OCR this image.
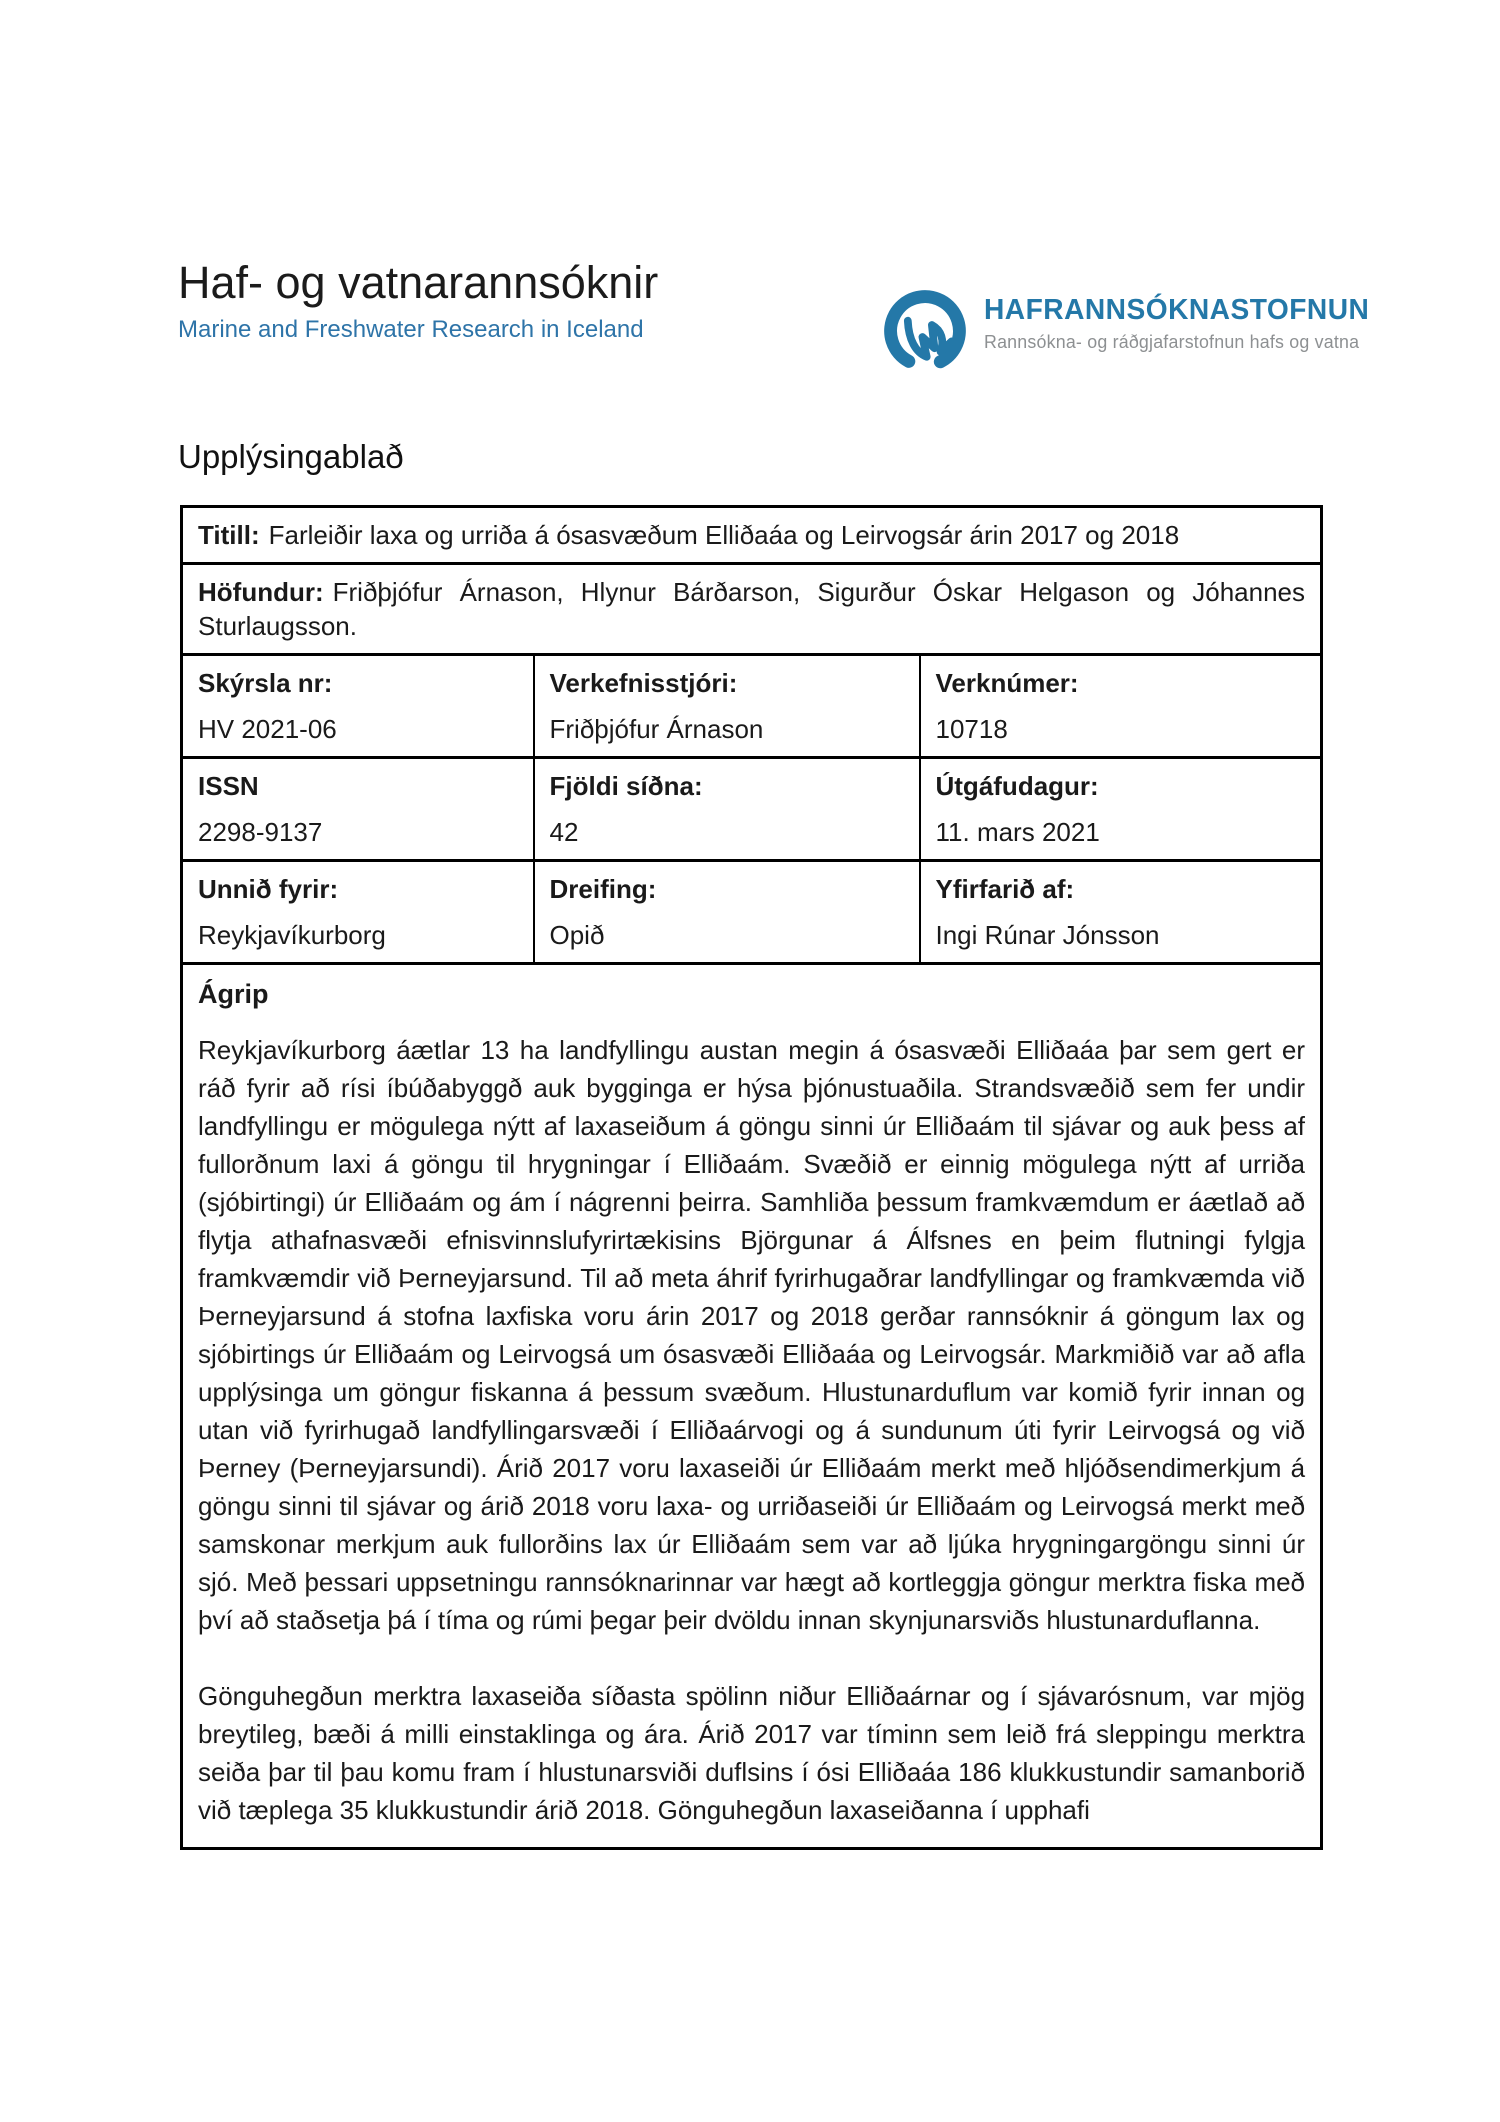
Haf- og vatnarannsóknir
Marine and Freshwater Research in Iceland
HAFRANNSÓKNASTOFNUN
Rannsókna- og ráðgjafarstofnun hafs og vatna
Upplýsingablað
Titill: Farleiðir laxa og urriða á ósasvæðum Elliðaáa og Leirvogsár árin 2017 og 2018		
Höfundur: Friðþjófur Árnason, Hlynur Bárðarson, Sigurður Óskar Helgason og Jóhannes Sturlaugsson.		

Skýrsla nr:
HV 2021-06

Verkefnisstjóri:
Friðþjófur Árnason

Verknúmer:
10718

ISSN
2298-9137

Fjöldi síðna:
42

Útgáfudagur:
11. mars 2021

Unnið fyrir:
Reykjavíkurborg

Dreifing:
Opið

Yfirfarið af:
Ingi Rúnar Jónsson

Ágrip

Reykjavíkurborg áætlar 13 ha landfyllingu austan megin á ósasvæði Elliðaáa þar sem gert er ráð fyrir að rísi íbúðabyggð auk bygginga er hýsa þjónustuaðila. Strandsvæðið sem fer undir landfyllingu er mögulega nýtt af laxaseiðum á göngu sinni úr Elliðaám til sjávar og auk þess af fullorðnum laxi á göngu til hrygningar í Elliðaám. Svæðið er einnig mögulega nýtt af urriða (sjóbirtingi) úr Elliðaám og ám í nágrenni þeirra. Samhliða þessum framkvæmdum er áætlað að flytja athafnasvæði efnisvinnslufyrirtækisins Björgunar á Álfsnes en þeim flutningi fylgja framkvæmdir við Þerneyjarsund. Til að meta áhrif fyrirhugaðrar landfyllingar og framkvæmda við Þerneyjarsund á stofna laxfiska voru árin 2017 og 2018 gerðar rannsóknir á göngum lax og sjóbirtings úr Elliðaám og Leirvogsá um ósasvæði Elliðaáa og Leirvogsár. Markmiðið var að afla upplýsinga um göngur fiskanna á þessum svæðum. Hlustunarduflum var komið fyrir innan og utan við fyrirhugað landfyllingarsvæði í Elliðaárvogi og á sundunum úti fyrir Leirvogsá og við Þerney (Þerneyjarsundi). Árið 2017 voru laxaseiði úr Elliðaám merkt með hljóðsendimerkjum á göngu sinni til sjávar og árið 2018 voru laxa- og urriðaseiði úr Elliðaám og Leirvogsá merkt með samskonar merkjum auk fullorðins lax úr Elliðaám sem var að ljúka hrygningargöngu sinni úr sjó. Með þessari uppsetningu rannsóknarinnar var hægt að kortleggja göngur merktra fiska með því að staðsetja þá í tíma og rúmi þegar þeir dvöldu innan skynjunarsviðs hlustunarduflanna.

Gönguhegðun merktra laxaseiða síðasta spölinn niður Elliðaárnar og í sjávarósnum, var mjög breytileg, bæði á milli einstaklinga og ára. Árið 2017 var tíminn sem leið frá sleppingu merktra seiða þar til þau komu fram í hlustunarsviði duflsins í ósi Elliðaáa 186 klukkustundir samanborið við tæplega 35 klukkustundir árið 2018. Gönguhegðun laxaseiðanna í upphafi
